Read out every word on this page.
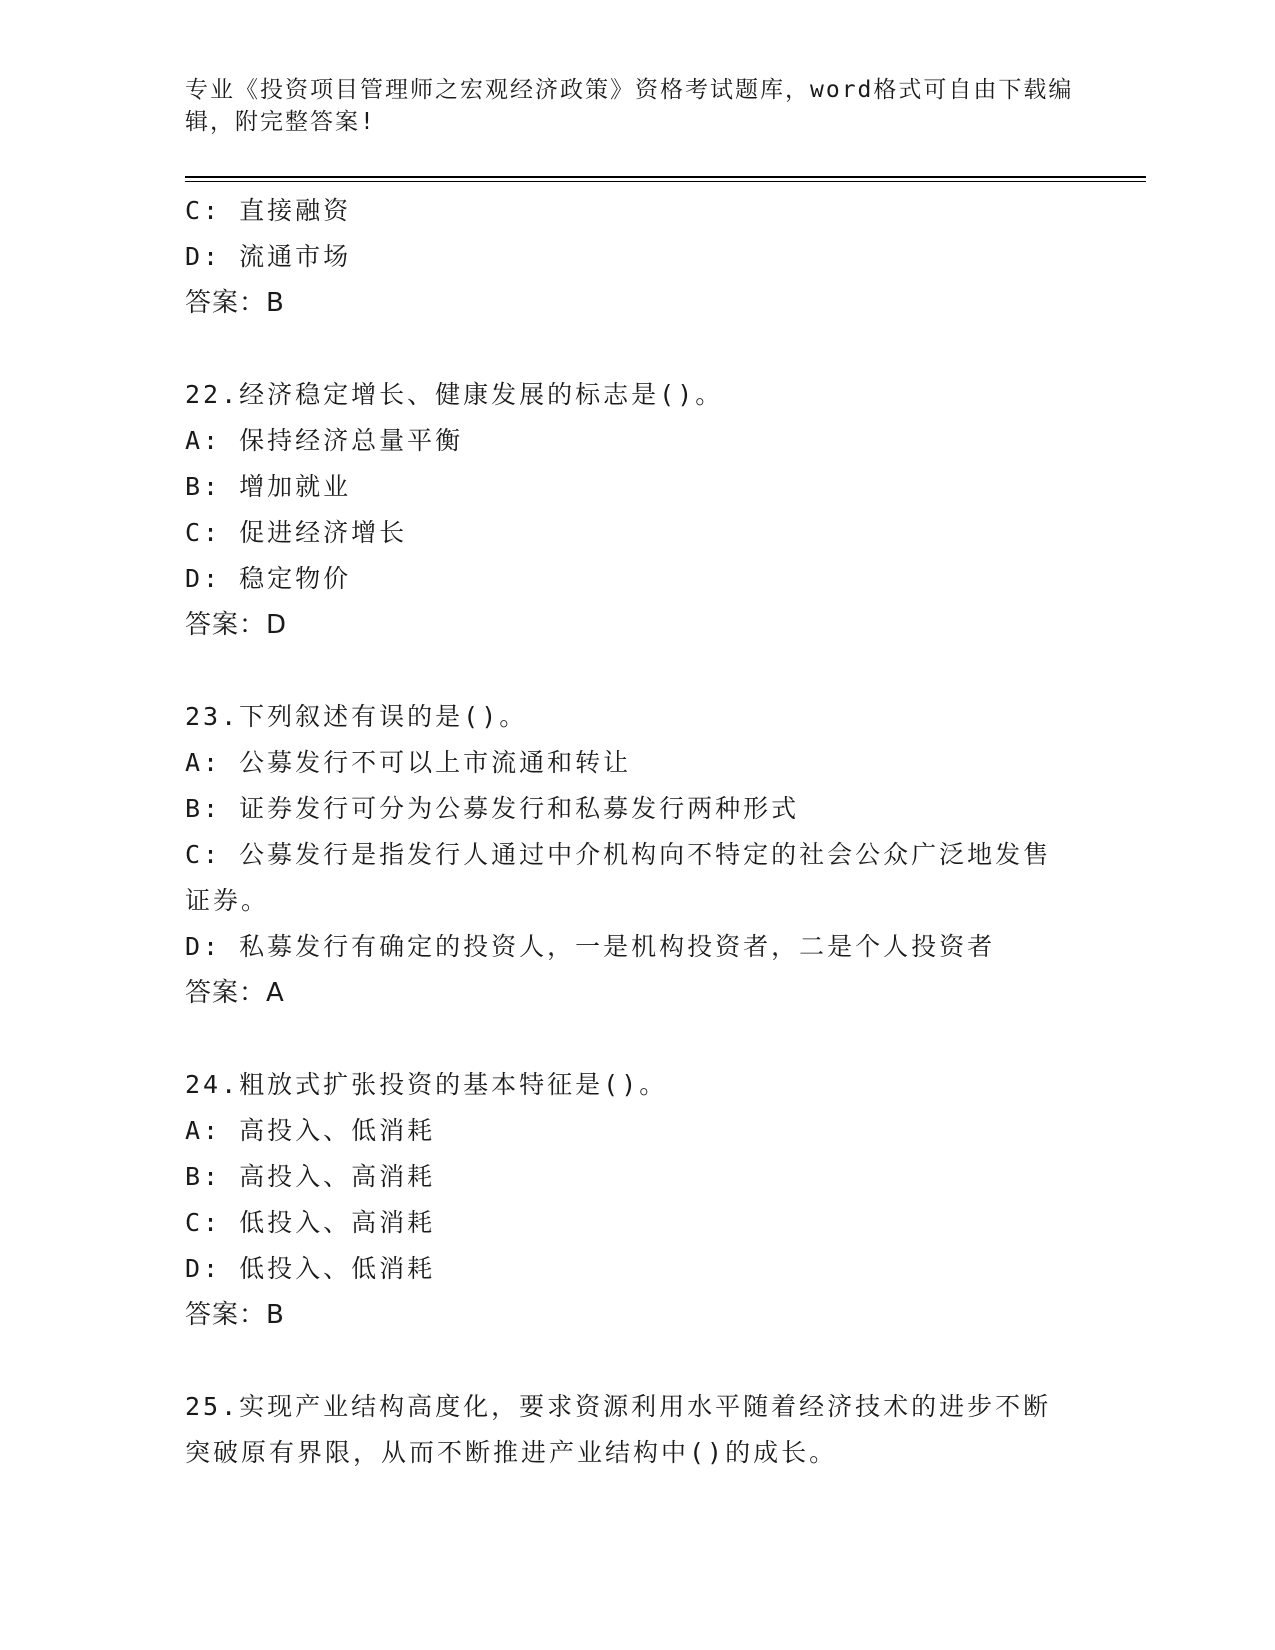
专业《投资项目管理师之宏观经济政策》资格考试题库，word格式可自由下载编辑，附完整答案!
C: 直接融资
D: 流通市场
答案：B
22.经济稳定增长、健康发展的标志是()。
A: 保持经济总量平衡
B: 增加就业
C: 促进经济增长
D: 稳定物价
答案：D
23.下列叙述有误的是()。
A: 公募发行不可以上市流通和转让
B: 证券发行可分为公募发行和私募发行两种形式
C: 公募发行是指发行人通过中介机构向不特定的社会公众广泛地发售证券。
D: 私募发行有确定的投资人，一是机构投资者，二是个人投资者
答案：A
24.粗放式扩张投资的基本特征是()。
A: 高投入、低消耗
B: 高投入、高消耗
C: 低投入、高消耗
D: 低投入、低消耗
答案：B
25.实现产业结构高度化，要求资源利用水平随着经济技术的进步不断突破原有界限，从而不断推进产业结构中()的成长。
